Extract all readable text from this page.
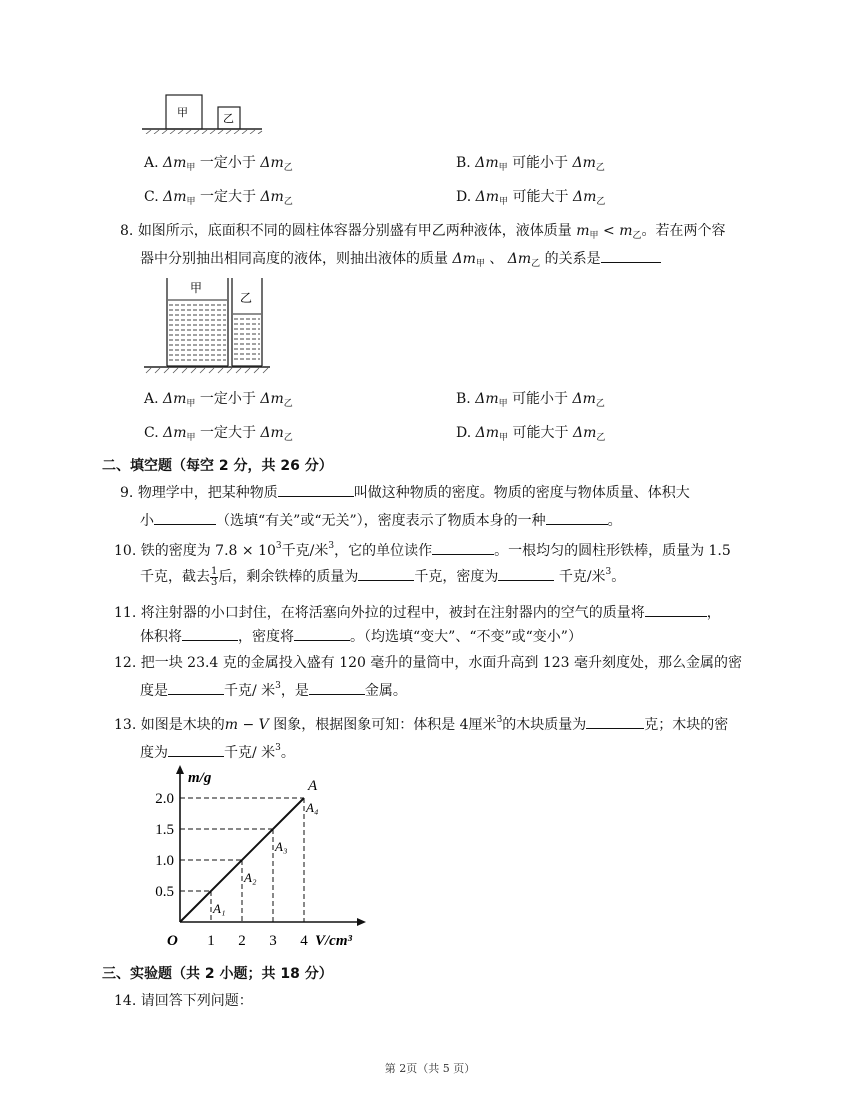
甲	乙
A. $\Delta m_甲$ 一定小于 $\Delta m_乙$	B. $\Delta m_甲$ 可能小于 $\Delta m_乙$
C. $\Delta m_甲$ 一定大于 $\Delta m_乙$	D. $\Delta m_甲$ 可能大于 $\Delta m_乙$
8. 如图所示，底面积不同的圆柱体容器分别盛有甲乙两种液体，液体质量 $m_甲 < m_乙$。若在两个容
器中分别抽出相同高度的液体，则抽出液体的质量 $\Delta m_甲$ 、 $\Delta m_乙$ 的关系是
甲
乙
A. $\Delta m_甲$ 一定小于 $\Delta m_乙$	B. $\Delta m_甲$ 可能小于 $\Delta m_乙$
C. $\Delta m_甲$ 一定大于 $\Delta m_乙$	D. $\Delta m_甲$ 可能大于 $\Delta m_乙$
二、填空题（每空 2 分，共 26 分）
9. 物理学中，把某种物质	叫做这种物质的密度。物质的密度与物体质量、体积大
小	（选填“有关”或“无关”），密度表示了物质本身的一种	。
10. 铁的密度为 $7.8 \times 10^3$千克/米$^3$，它的单位读作	。一根均匀的圆柱形铁棒，质量为 1.5
千克，截去 $\frac{1}{3}$ 后，剩余铁棒的质量为	千克，密度为	千克/米$^3$。
11. 将注射器的小口封住，在将活塞向外拉的过程中，被封在注射器内的空气的质量将	，
体积将	，密度将	。（均选填“变大”、“不变”或“变小”）
12. 把一块 23.4 克的金属投入盛有 120 毫升的量筒中，水面升高到 123 毫升刻度处，那么金属的密
度是	千克/ 米$^3$，是	金属。
13. 如图是木块的m − V 图象，根据图象可知：体积是 4厘米$^3$的木块质量为	克；木块的密
度为	千克/ 米$^3$。
m/g
V/cm³
O 1 2 3 4
0.5
1.0
1.5
2.0
A₁
A₂
A₃
A₄
A
三、实验题（共 2 小题；共 18 分）
14. 请回答下列问题：
第 2页（共 5 页）
